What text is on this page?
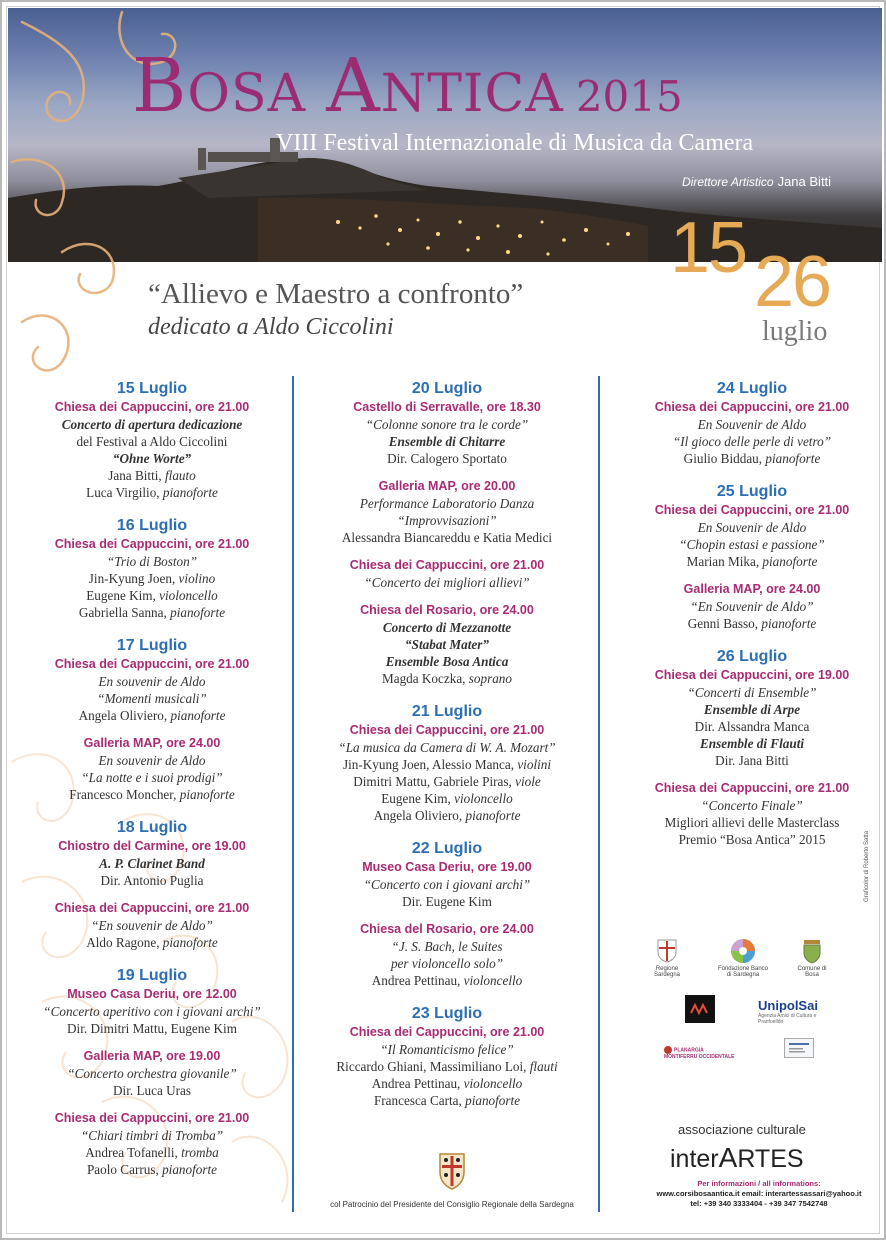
BOSA ANTICA 2015
VIII Festival Internazionale di Musica da Camera
Direttore Artistico Jana Bitti
15 26
luglio
“Allievo e Maestro a confronto”
dedicato a Aldo Ciccolini
15 Luglio
Chiesa dei Cappuccini, ore 21.00
Concerto di apertura dedicazione
del Festival a Aldo Ciccolini
“Ohne Worte”
Jana Bitti, flauto
Luca Virgilio, pianoforte
16 Luglio
Chiesa dei Cappuccini, ore 21.00
“Trio di Boston”
Jin-Kyung Joen, violino
Eugene Kim, violoncello
Gabriella Sanna, pianoforte
17 Luglio
Chiesa dei Cappuccini, ore 21.00
En souvenir de Aldo
“Momenti musicali”
Angela Oliviero, pianoforte
Galleria MAP, ore 24.00
En souvenir de Aldo
“La notte e i suoi prodigi”
Francesco Moncher, pianoforte
18 Luglio
Chiostro del Carmine, ore 19.00
A. P. Clarinet Band
Dir. Antonio Puglia
Chiesa dei Cappuccini, ore 21.00
“En souvenir de Aldo”
Aldo Ragone, pianoforte
19 Luglio
Museo Casa Deriu, ore 12.00
“Concerto aperitivo con i giovani archi”
Dir. Dimitri Mattu, Eugene Kim
Galleria MAP, ore 19.00
“Concerto orchestra giovanile”
Dir. Luca Uras
Chiesa dei Cappuccini, ore 21.00
“Chiari timbri di Tromba”
Andrea Tofanelli, tromba
Paolo Carrus, pianoforte
20 Luglio
Castello di Serravalle, ore 18.30
“Colonne sonore tra le corde”
Ensemble di Chitarre
Dir. Calogero Sportato
Galleria MAP, ore 20.00
Performance Laboratorio Danza
“Improvvisazioni”
Alessandra Biancareddu e Katia Medici
Chiesa dei Cappuccini, ore 21.00
“Concerto dei migliori allievi”
Chiesa del Rosario, ore 24.00
Concerto di Mezzanotte
“Stabat Mater”
Ensemble Bosa Antica
Magda Koczka, soprano
21 Luglio
Chiesa dei Cappuccini, ore 21.00
“La musica da Camera di W. A. Mozart”
Jin-Kyung Joen, Alessio Manca, violini
Dimitri Mattu, Gabriele Piras, viole
Eugene Kim, violoncello
Angela Oliviero, pianoforte
22 Luglio
Museo Casa Deriu, ore 19.00
“Concerto con i giovani archi”
Dir. Eugene Kim
Chiesa del Rosario, ore 24.00
“J. S. Bach, le Suites
per violoncello solo”
Andrea Pettinau, violoncello
23 Luglio
Chiesa dei Cappuccini, ore 21.00
“Il Romanticismo felice”
Riccardo Ghiani, Massimiliano Loi, flauti
Andrea Pettinau, violoncello
Francesca Carta, pianoforte
24 Luglio
Chiesa dei Cappuccini, ore 21.00
En Souvenir de Aldo
“Il gioco delle perle di vetro”
Giulio Biddau, pianoforte
25 Luglio
Chiesa dei Cappuccini, ore 21.00
En Souvenir de Aldo
“Chopin estasi e passione”
Marian Mika, pianoforte
Galleria MAP, ore 24.00
“En Souvenir de Aldo”
Genni Basso, pianoforte
26 Luglio
Chiesa dei Cappuccini, ore 19.00
“Concerti di Ensemble”
Ensemble di Arpe
Dir. Alssandra Manca
Ensemble di Flauti
Dir. Jana Bitti
Chiesa dei Cappuccini, ore 21.00
“Concerto Finale”
Migliori allievi delle Masterclass
Premio “Bosa Antica” 2015
col Patrocinio del Presidente del Consiglio Regionale della Sardegna
Regione Sardegna
Fondazione Banco di Sardegna
Comune di Bosa
UnipolSai
Agenzia Amici di Cultura e Pranfoelldo
PLANARGIA MONTIFERRU OCCIDENTALE
associazione culturale
interARTES
Per informazioni / all informations:
www.corsibosaantica.it email: interartessassari@yahoo.it
tel: +39 340 3333404 - +39 347 7542748
Graficolor di Roberto Satta
